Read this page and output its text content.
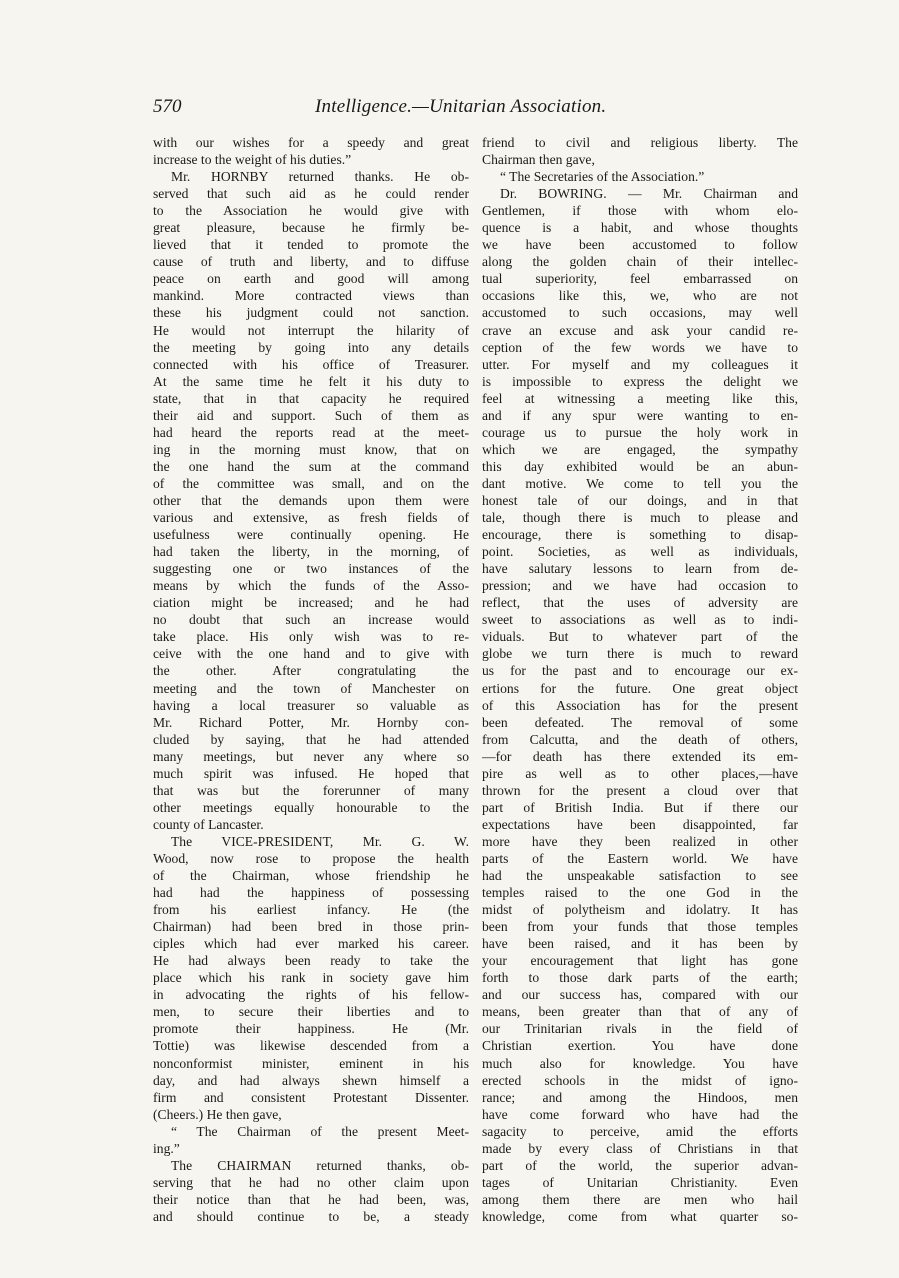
570	Intelligence.—Unitarian Association.
with our wishes for a speedy and great
increase to the weight of his duties.”
Mr. HORNBY returned thanks. He ob-
served that such aid as he could render
to the Association he would give with
great pleasure, because he firmly be-
lieved that it tended to promote the
cause of truth and liberty, and to diffuse
peace on earth and good will among
mankind. More contracted views than
these his judgment could not sanction.
He would not interrupt the hilarity of
the meeting by going into any details
connected with his office of Treasurer.
At the same time he felt it his duty to
state, that in that capacity he required
their aid and support. Such of them as
had heard the reports read at the meet-
ing in the morning must know, that on
the one hand the sum at the command
of the committee was small, and on the
other that the demands upon them were
various and extensive, as fresh fields of
usefulness were continually opening. He
had taken the liberty, in the morning, of
suggesting one or two instances of the
means by which the funds of the Asso-
ciation might be increased; and he had
no doubt that such an increase would
take place. His only wish was to re-
ceive with the one hand and to give with
the other. After congratulating the
meeting and the town of Manchester on
having a local treasurer so valuable as
Mr. Richard Potter, Mr. Hornby con-
cluded by saying, that he had attended
many meetings, but never any where so
much spirit was infused. He hoped that
that was but the forerunner of many
other meetings equally honourable to the
county of Lancaster.
The VICE-PRESIDENT, Mr. G. W.
Wood, now rose to propose the health
of the Chairman, whose friendship he
had had the happiness of possessing
from his earliest infancy. He (the
Chairman) had been bred in those prin-
ciples which had ever marked his career.
He had always been ready to take the
place which his rank in society gave him
in advocating the rights of his fellow-
men, to secure their liberties and to
promote their happiness. He (Mr.
Tottie) was likewise descended from a
nonconformist minister, eminent in his
day, and had always shewn himself a
firm and consistent Protestant Dissenter.
(Cheers.) He then gave,
“ The Chairman of the present Meet-
ing.”
The CHAIRMAN returned thanks, ob-
serving that he had no other claim upon
their notice than that he had been, was,
and should continue to be, a steady
friend to civil and religious liberty. The
Chairman then gave,
“ The Secretaries of the Association.”
Dr. BOWRING. — Mr. Chairman and
Gentlemen, if those with whom elo-
quence is a habit, and whose thoughts
we have been accustomed to follow
along the golden chain of their intellec-
tual superiority, feel embarrassed on
occasions like this, we, who are not
accustomed to such occasions, may well
crave an excuse and ask your candid re-
ception of the few words we have to
utter. For myself and my colleagues it
is impossible to express the delight we
feel at witnessing a meeting like this,
and if any spur were wanting to en-
courage us to pursue the holy work in
which we are engaged, the sympathy
this day exhibited would be an abun-
dant motive. We come to tell you the
honest tale of our doings, and in that
tale, though there is much to please and
encourage, there is something to disap-
point. Societies, as well as individuals,
have salutary lessons to learn from de-
pression; and we have had occasion to
reflect, that the uses of adversity are
sweet to associations as well as to indi-
viduals. But to whatever part of the
globe we turn there is much to reward
us for the past and to encourage our ex-
ertions for the future. One great object
of this Association has for the present
been defeated. The removal of some
from Calcutta, and the death of others,
—for death has there extended its em-
pire as well as to other places,—have
thrown for the present a cloud over that
part of British India. But if there our
expectations have been disappointed, far
more have they been realized in other
parts of the Eastern world. We have
had the unspeakable satisfaction to see
temples raised to the one God in the
midst of polytheism and idolatry. It has
been from your funds that those temples
have been raised, and it has been by
your encouragement that light has gone
forth to those dark parts of the earth;
and our success has, compared with our
means, been greater than that of any of
our Trinitarian rivals in the field of
Christian exertion. You have done
much also for knowledge. You have
erected schools in the midst of igno-
rance; and among the Hindoos, men
have come forward who have had the
sagacity to perceive, amid the efforts
made by every class of Christians in that
part of the world, the superior advan-
tages of Unitarian Christianity. Even
among them there are men who hail
knowledge, come from what quarter so-
